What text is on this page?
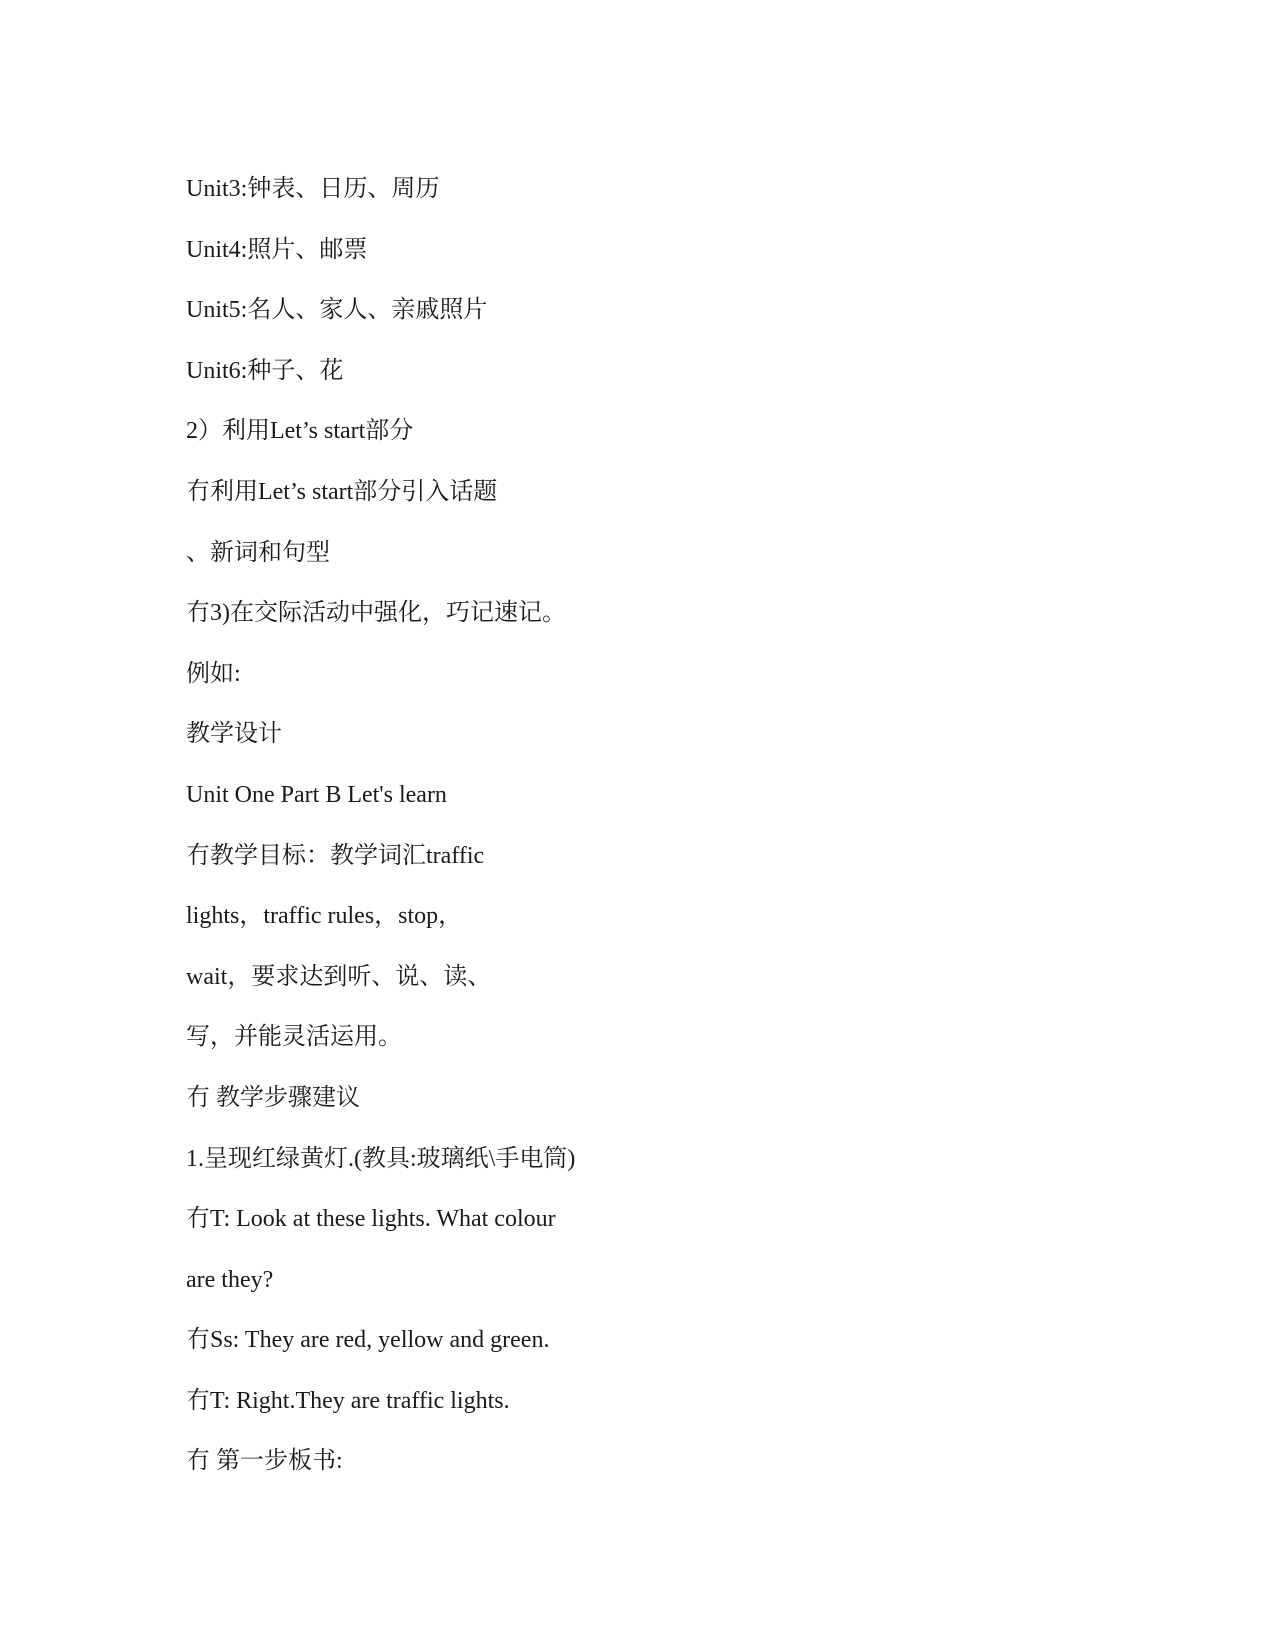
Unit3:钟表、日历、周历
Unit4:照片、邮票
Unit5:名人、家人、亲戚照片
Unit6:种子、花
2）利用Let’s start部分
冇利用Let’s start部分引入话题
、新词和句型
冇3)在交际活动中强化，巧记速记。
例如:
教学设计
Unit One Part B Let's learn
冇教学目标：教学词汇traffic
lights，traffic rules，stop，
wait，要求达到听、说、读、
写，并能灵活运用。
冇 教学步骤建议
1.呈现红绿黄灯.(教具:玻璃纸\手电筒)
冇T: Look at these lights. What colour
are they?
冇Ss: They are red, yellow and green.
冇T: Right.They are traffic lights.
冇 第一步板书:
